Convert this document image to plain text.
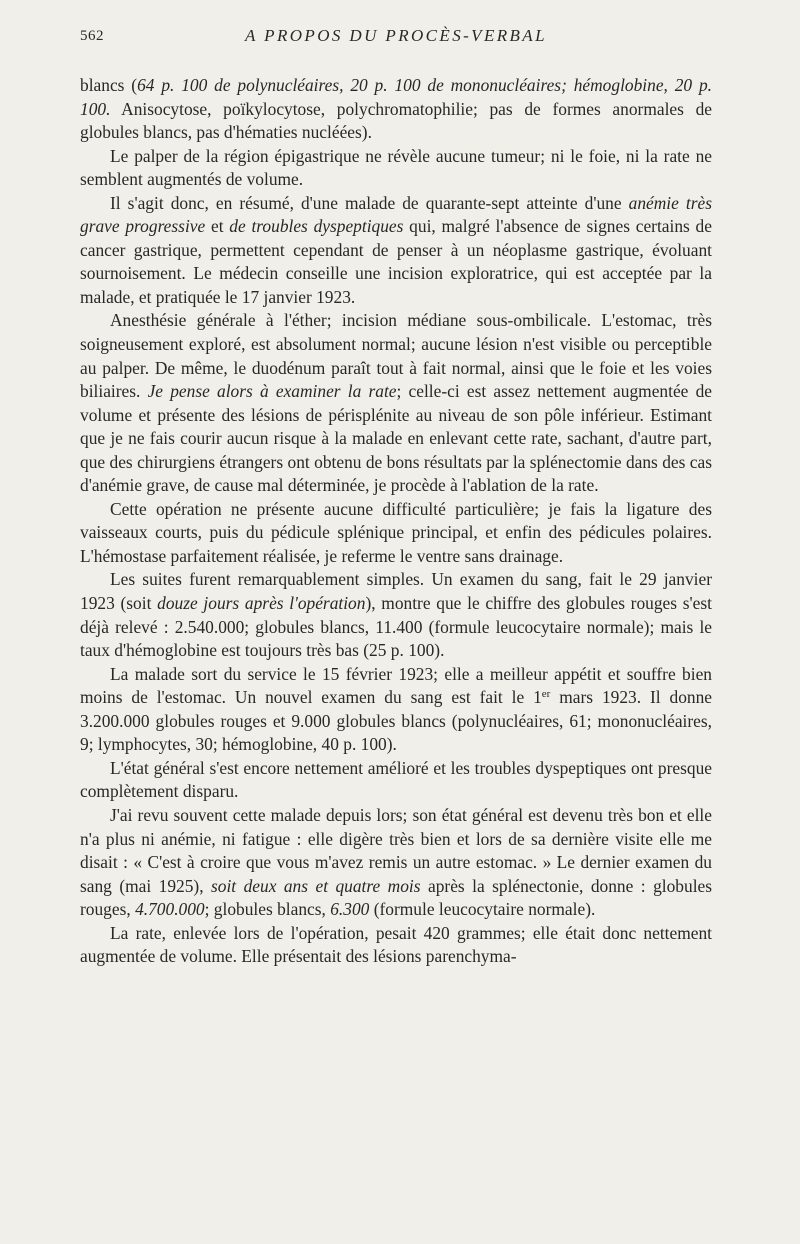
562	A PROPOS DU PROCÈS-VERBAL

blancs (64 p. 100 de polynucléaires, 20 p. 100 de mononucléaires; hémoglobine, 20 p. 100. Anisocytose, poïkylocytose, polychromatophilie; pas de formes anormales de globules blancs, pas d'hématies nucléées).

Le palper de la région épigastrique ne révèle aucune tumeur; ni le foie, ni la rate ne semblent augmentés de volume.

Il s'agit donc, en résumé, d'une malade de quarante-sept atteinte d'une anémie très grave progressive et de troubles dyspeptiques qui, malgré l'absence de signes certains de cancer gastrique, permettent cependant de penser à un néoplasme gastrique, évoluant sournoisement. Le médecin conseille une incision exploratrice, qui est acceptée par la malade, et pratiquée le 17 janvier 1923.

Anesthésie générale à l'éther; incision médiane sous-ombilicale. L'estomac, très soigneusement exploré, est absolument normal; aucune lésion n'est visible ou perceptible au palper. De même, le duodénum paraît tout à fait normal, ainsi que le foie et les voies biliaires. Je pense alors à examiner la rate; celle-ci est assez nettement augmentée de volume et présente des lésions de périsplénite au niveau de son pôle inférieur. Estimant que je ne fais courir aucun risque à la malade en enlevant cette rate, sachant, d'autre part, que des chirurgiens étrangers ont obtenu de bons résultats par la splénectomie dans des cas d'anémie grave, de cause mal déterminée, je procède à l'ablation de la rate.

Cette opération ne présente aucune difficulté particulière; je fais la ligature des vaisseaux courts, puis du pédicule splénique principal, et enfin des pédicules polaires. L'hémostase parfaitement réalisée, je referme le ventre sans drainage.

Les suites furent remarquablement simples. Un examen du sang, fait le 29 janvier 1923 (soit douze jours après l'opération), montre que le chiffre des globules rouges s'est déjà relevé : 2.540.000; globules blancs, 11.400 (formule leucocytaire normale); mais le taux d'hémoglobine est toujours très bas (25 p. 100).

La malade sort du service le 15 février 1923; elle a meilleur appétit et souffre bien moins de l'estomac. Un nouvel examen du sang est fait le 1er mars 1923. Il donne 3.200.000 globules rouges et 9.000 globules blancs (polynucléaires, 61; mononucléaires, 9; lymphocytes, 30; hémoglobine, 40 p. 100).

L'état général s'est encore nettement amélioré et les troubles dyspeptiques ont presque complètement disparu.

J'ai revu souvent cette malade depuis lors; son état général est devenu très bon et elle n'a plus ni anémie, ni fatigue : elle digère très bien et lors de sa dernière visite elle me disait : « C'est à croire que vous m'avez remis un autre estomac. » Le dernier examen du sang (mai 1925), soit deux ans et quatre mois après la splénectonie, donne : globules rouges, 4.700.000; globules blancs, 6.300 (formule leucocytaire normale).

La rate, enlevée lors de l'opération, pesait 420 grammes; elle était donc nettement augmentée de volume. Elle présentait des lésions parenchyma-
